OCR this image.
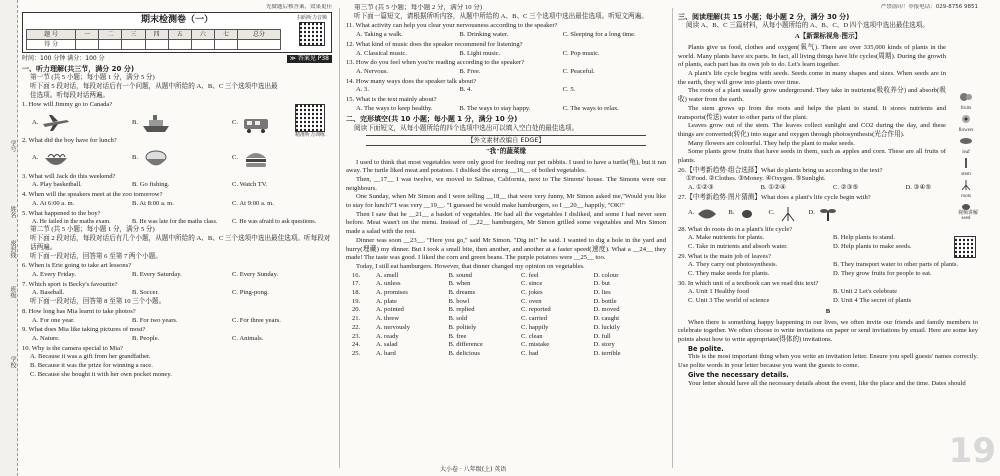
学号
姓名
密封线
班级
学校
先做题后核答案，效果更佳
期末检测卷（一）
题 号	一	二	三	四	五	六	七	总分
得 分								
扫码听力音频
时间：100 分钟 满分：100 分	≫ 答案见 P38
一、听力理解(共三节，满分 20 分)
第一节 (共 5 小题；每小题 1 分，满分 5 分)
听下面 5 段对话，每段对话后有一个问题，从题中所给的 A、B、C 三个选项中选出最佳选项。听每段对话两遍。
精准听力训练
1. How will Jimmy go to Canada?
A.	B.	C.
2. What did the boy have for lunch?
A.	B.	C.
3. What will Jack do this weekend?
A. Play basketball.	B. Go fishing.	C. Watch TV.
4. When will the speakers meet at the zoo tomorrow?
A. At 6:00 a. m.	B. At 8:00 a. m.	C. At 9:00 a. m.
5. What happened to the boy?
A. He failed in the maths exam.	B. He was late for the maths class.	C. He was afraid to ask questions.
第二节 (共 5 小题；每小题 1 分，满分 5 分)
听下面 2 段对话，每段对话后有几个小题，从题中所给的 A、B、C 三个选项中选出最佳选项。听每段对话两遍。
听下面一段对话，回答第 6 至第 7 两个小题。
6. When is Erie going to take art lessons?
A. Every Friday.	B. Every Saturday.	C. Every Sunday.
7. Which sport is Becky's favourite?
A. Baseball.	B. Soccer.	C. Ping-pong.
听下面一段对话，回答第 8 至第 10 三个小题。
8. How long has Mia learnt to take photos?
A. For one year.	B. For two years.	C. For three years.
9. What does Mia like taking pictures of most?
A. Nature.	B. People.	C. Animals.
10. Why is the camera special to Mia?
A. Because it was a gift from her grandfather.
B. Because it was the prize for winning a race.
C. Because she bought it with her own pocket money.
第三节 (共 5 小题；每小题 2 分，满分 10 分)
听下面一篇短文，请根据所听内容，从题中所给的 A、B、C 三个选项中选出最佳选项。听短文两遍。
11. What activity can help you clear your nervousness according to the speaker?
A. Taking a walk.	B. Drinking water.	C. Sleeping for a long time.
12. What kind of music does the speaker recommend for listening?
A. Classical music.	B. Light music.	C. Pop music.
13. How do you feel when you're reading according to the speaker?
A. Nervous.	B. Free.	C. Peaceful.
14. How many ways does the speaker talk about?
A. 3.	B. 4.	C. 5.
15. What is the text mainly about?
A. The ways to keep healthy.	B. The ways to stay happy.	C. The ways to relax.
二、完形填空(共 10 小题；每小题 1 分，满分 10 分)
阅读下面短文，从每小题所给的四个选项中选出可以填入空白处的最佳选项。
【外文素材改编自 EDGE】
"我"的蔬菜缘

I used to think that most vegetables were only good for feeding our pet rabbits. I used to have a turtle(龟), but it ran away. The turtle liked meat and potatoes. I disliked the strong __16__ of boiled vegetables.

Then, __17__ I was twelve, we moved to Salinas, California, next to The Simons' house. The Simons were our neighbours.

One Sunday, when Mr Simon and I were telling __18__ that were very funny, Mr Simon asked me,"Would you like to stay for lunch?"I was very __19__. "I guessed he would make hamburgers, so I __20__ happily, "OK!"

Then I saw that he __21__ a basket of vegetables. He had all the vegetables I disliked, and some I had never seen before. Meat wasn't on the menu. Instead of __22__ hamburgers, Mr Simon grilled some vegetables and Mrs Simon made a salad with the rest.

Dinner was soon __23__. "Here you go," said Mr Simon. "Dig in!" he said. I wanted to dig a hole in the yard and hurry(埋藏) my dinner. But I took a small bite, then another, and another at a faster speed(速度). What a __24__ they made! The taste was good. I liked the corn and green beans. The purple potatoes were __25__ too.

Today, I still eat hamburgers. However, that dinner changed my opinion on vegetables.

16.	A. smell	B. sound	C. feel	D. colour
17.	A. unless	B. when	C. since	D. but
18.	A. promises	B. dreams	C. jokes	D. lies
19.	A. plate	B. bowl	C. oven	D. bottle
20.	A. pointed	B. replied	C. reported	D. moved
21.	A. threw	B. sold	C. carried	D. caught
22.	A. nervously	B. politely	C. happily	D. luckily
23.	A. ready	B. free	C. clean	D. full
24.	A. salad	B. difference	C. mistake	D. story
25.	A. hard	B. delicious	C. bad	D. terrible
大小卷 · 八年级(上) 英语
严禁盗印！举报电话：029-8756 9851
三、阅读理解(共 15 小题；每小题 2 分，满分 30 分)
阅读 A、B、C 三篇材料，从每小题所给的 A、B、C、D 四个选项中选出最佳选项。
A【新课标视角·图示】

Plants give us food, clothes and oxygen(氧气). There are over 335,000 kinds of plants in the world. Many plants have six parts. In fact, all living things have life cycles(周期). During the growth of plants, each part has its own job to do. Let's learn together.

A plant's life cycle begins with seeds. Seeds come in many shapes and sizes. When seeds are in the earth, they will grow into plants over time.

The roots of a plant usually grow underground. They take in nutrients(吸收养分) and absorb(吸收) water from the earth.

The stem grows up from the roots and helps the plant to stand. It stores nutrients and transports(传送) water to other parts of the plant.

Leaves grow out of the stem. The leaves collect sunlight and CO2 during the day, and these things are converted(转化) into sugar and oxygen through photosynthesis(光合作用).

Many flowers are colourful. They help the plant to make seeds.

Some plants grow fruits that have seeds in them, such as apples and corn. These are all fruits of plants.

fruits

flowers

leaf

stem

roots

seed
26.【中考新趋势·组合选择】What do plants bring us according to the text?
①Food. ②Clothes. ③Money. ④Oxygen. ⑤Sunlight.
A. ①②③	B. ①②④	C. ②③⑤	D. ③④⑤
27.【中考新趋势·图片猜测】What does a plant's life cycle begin with?
A.	B.	C.	D.	视频讲解
28. What do roots do in a plant's life cycle?
A. Make nutrients for plants.	B. Help plants to stand.
C. Take in nutrients and absorb water.	D. Help plants to make seeds.
29. What is the main job of leaves?
A. They carry out photosynthesis.	B. They transport water to other parts of plants.
C. They make seeds for plants.	D. They grow fruits for people to eat.
30. In which unit of a textbook can we read this text?
A. Unit 1 Healthy food	B. Unit 2 Let's celebrate
C. Unit 3 The world of science	D. Unit 4 The secret of plants
B

When there is something happy happening in our lives, we often invite our friends and family members to celebrate together. We often choose to write invitations on paper or send invitations by email. Here are some key points about how to write appropriate(得体的) invitations.

Be polite.

This is the most important thing when you write an invitation letter. Ensure you spell guests' names correctly. Use polite words in your letter because you want the guests to come.

Give the necessary details.

Your letter should have all the necessary details about the event, like the place and the time. Dates should

19
